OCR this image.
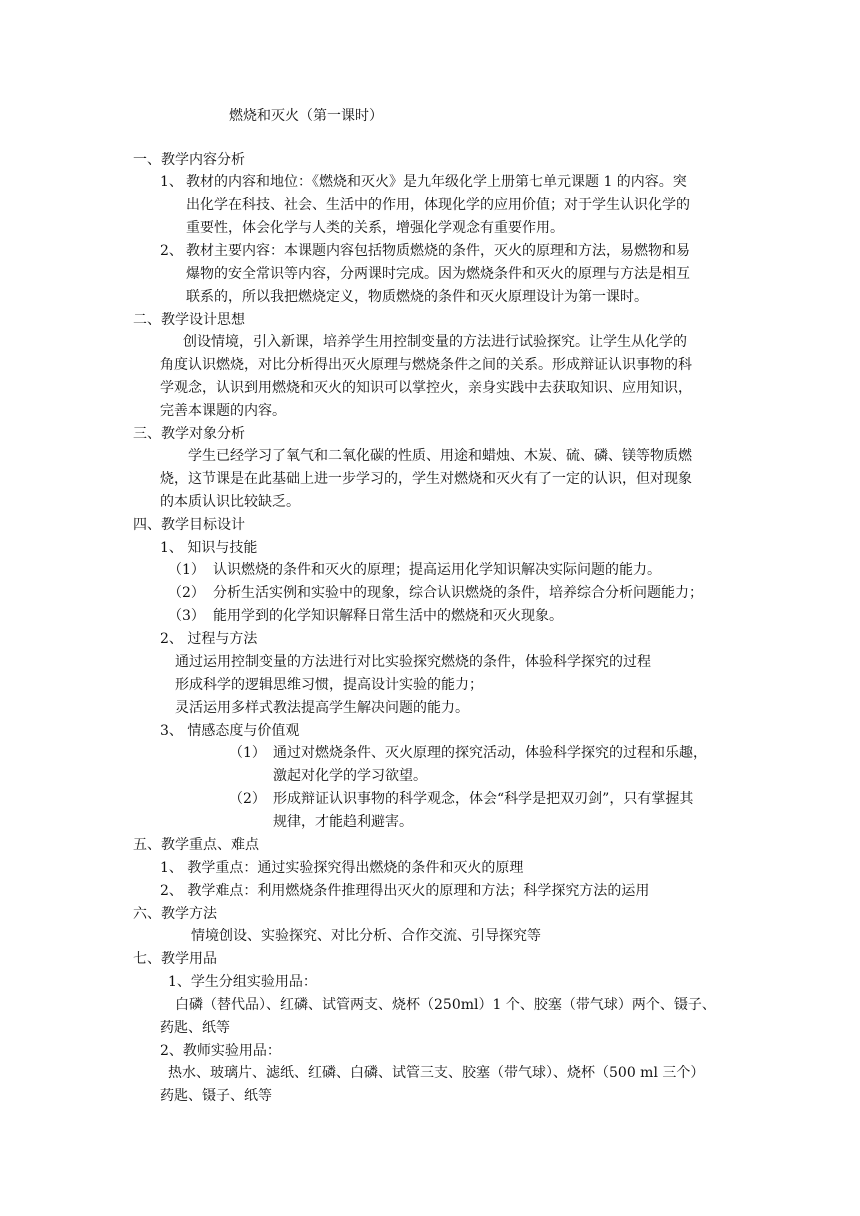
燃烧和灭火（第一课时）
一、教学内容分析
1、 教材的内容和地位：《燃烧和灭火》是九年级化学上册第七单元课题 1 的内容。突
出化学在科技、社会、生活中的作用，体现化学的应用价值；对于学生认识化学的
重要性，体会化学与人类的关系，增强化学观念有重要作用。
2、 教材主要内容：本课题内容包括物质燃烧的条件，灭火的原理和方法，易燃物和易
爆物的安全常识等内容，分两课时完成。因为燃烧条件和灭火的原理与方法是相互
联系的，所以我把燃烧定义，物质燃烧的条件和灭火原理设计为第一课时。
二、教学设计思想
创设情境，引入新课，培养学生用控制变量的方法进行试验探究。让学生从化学的
角度认识燃烧，对比分析得出灭火原理与燃烧条件之间的关系。形成辩证认识事物的科
学观念，认识到用燃烧和灭火的知识可以掌控火，亲身实践中去获取知识、应用知识，
完善本课题的内容。
三、教学对象分析
学生已经学习了氧气和二氧化碳的性质、用途和蜡烛、木炭、硫、磷、镁等物质燃
烧，这节课是在此基础上进一步学习的，学生对燃烧和灭火有了一定的认识，但对现象
的本质认识比较缺乏。
四、教学目标设计
1、 知识与技能
（1） 认识燃烧的条件和灭火的原理；提高运用化学知识解决实际问题的能力。
（2） 分析生活实例和实验中的现象，综合认识燃烧的条件，培养综合分析问题能力；
（3） 能用学到的化学知识解释日常生活中的燃烧和灭火现象。
2、 过程与方法
通过运用控制变量的方法进行对比实验探究燃烧的条件，体验科学探究的过程
形成科学的逻辑思维习惯，提高设计实验的能力；
灵活运用多样式教法提高学生解决问题的能力。
3、 情感态度与价值观
（1） 通过对燃烧条件、灭火原理的探究活动，体验科学探究的过程和乐趣，
激起对化学的学习欲望。
（2） 形成辩证认识事物的科学观念，体会“科学是把双刃剑”，只有掌握其
规律，才能趋利避害。
五、教学重点、难点
1、 教学重点：通过实验探究得出燃烧的条件和灭火的原理
2、 教学难点：利用燃烧条件推理得出灭火的原理和方法；科学探究方法的运用
六、教学方法
情境创设、实验探究、对比分析、合作交流、引导探究等
七、教学用品
1、学生分组实验用品：
白磷（替代品）、红磷、试管两支、烧杯（250ml）1 个、胶塞（带气球）两个、镊子、
药匙、纸等
2、教师实验用品：
热水、玻璃片、滤纸、红磷、白磷、试管三支、胶塞（带气球）、烧杯（500 ml 三个）
药匙、镊子、纸等
